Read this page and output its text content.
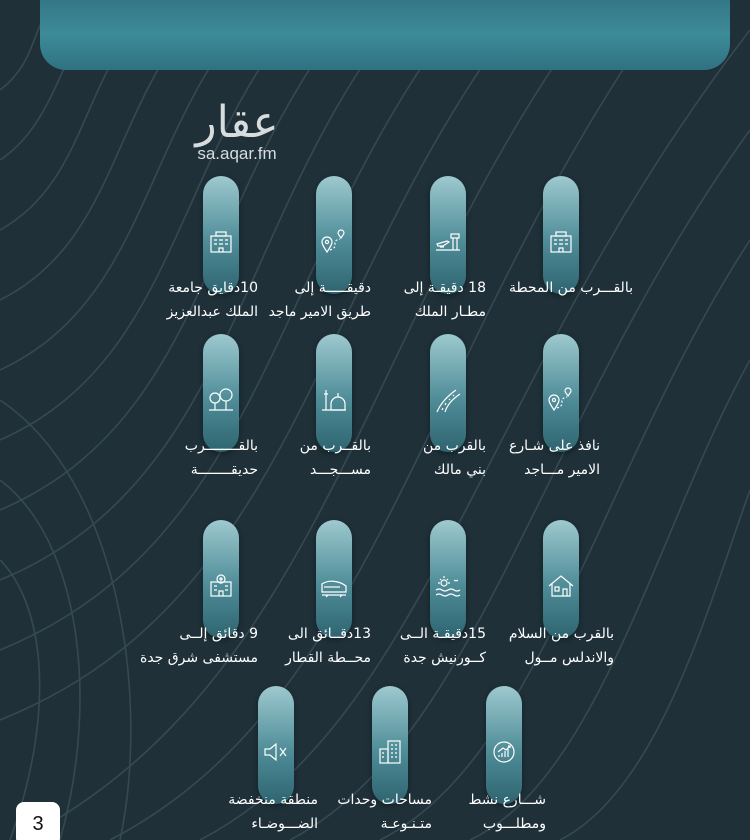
عقار
sa.aqar.fm
10دقايق جامعة
الملك عبدالعزيز
دقيقـــــة إلى
طريق الامير ماجد
18 دقيقـة إلى
مطـار الملك
بالقـــرب من المحطة
بالقــــــــرب
حديقــــــــة
بالقــرب من
مســـجـــد
بالقرب من
بني مالك
نافذ على شـارع
الامير مـــاجد
9 دقائق إلــى
مستشفى شرق جدة
13دقــائق الى
محــطة القطار
15دقيقـة الــى
كــورنيش جدة
بالقرب من السلام
والاندلس مــول
منطقة منخفضة
الضـــوضـاء
مساحات وحدات
متـنـوعـة
شـــارع نشط
ومطلـــوب
3
